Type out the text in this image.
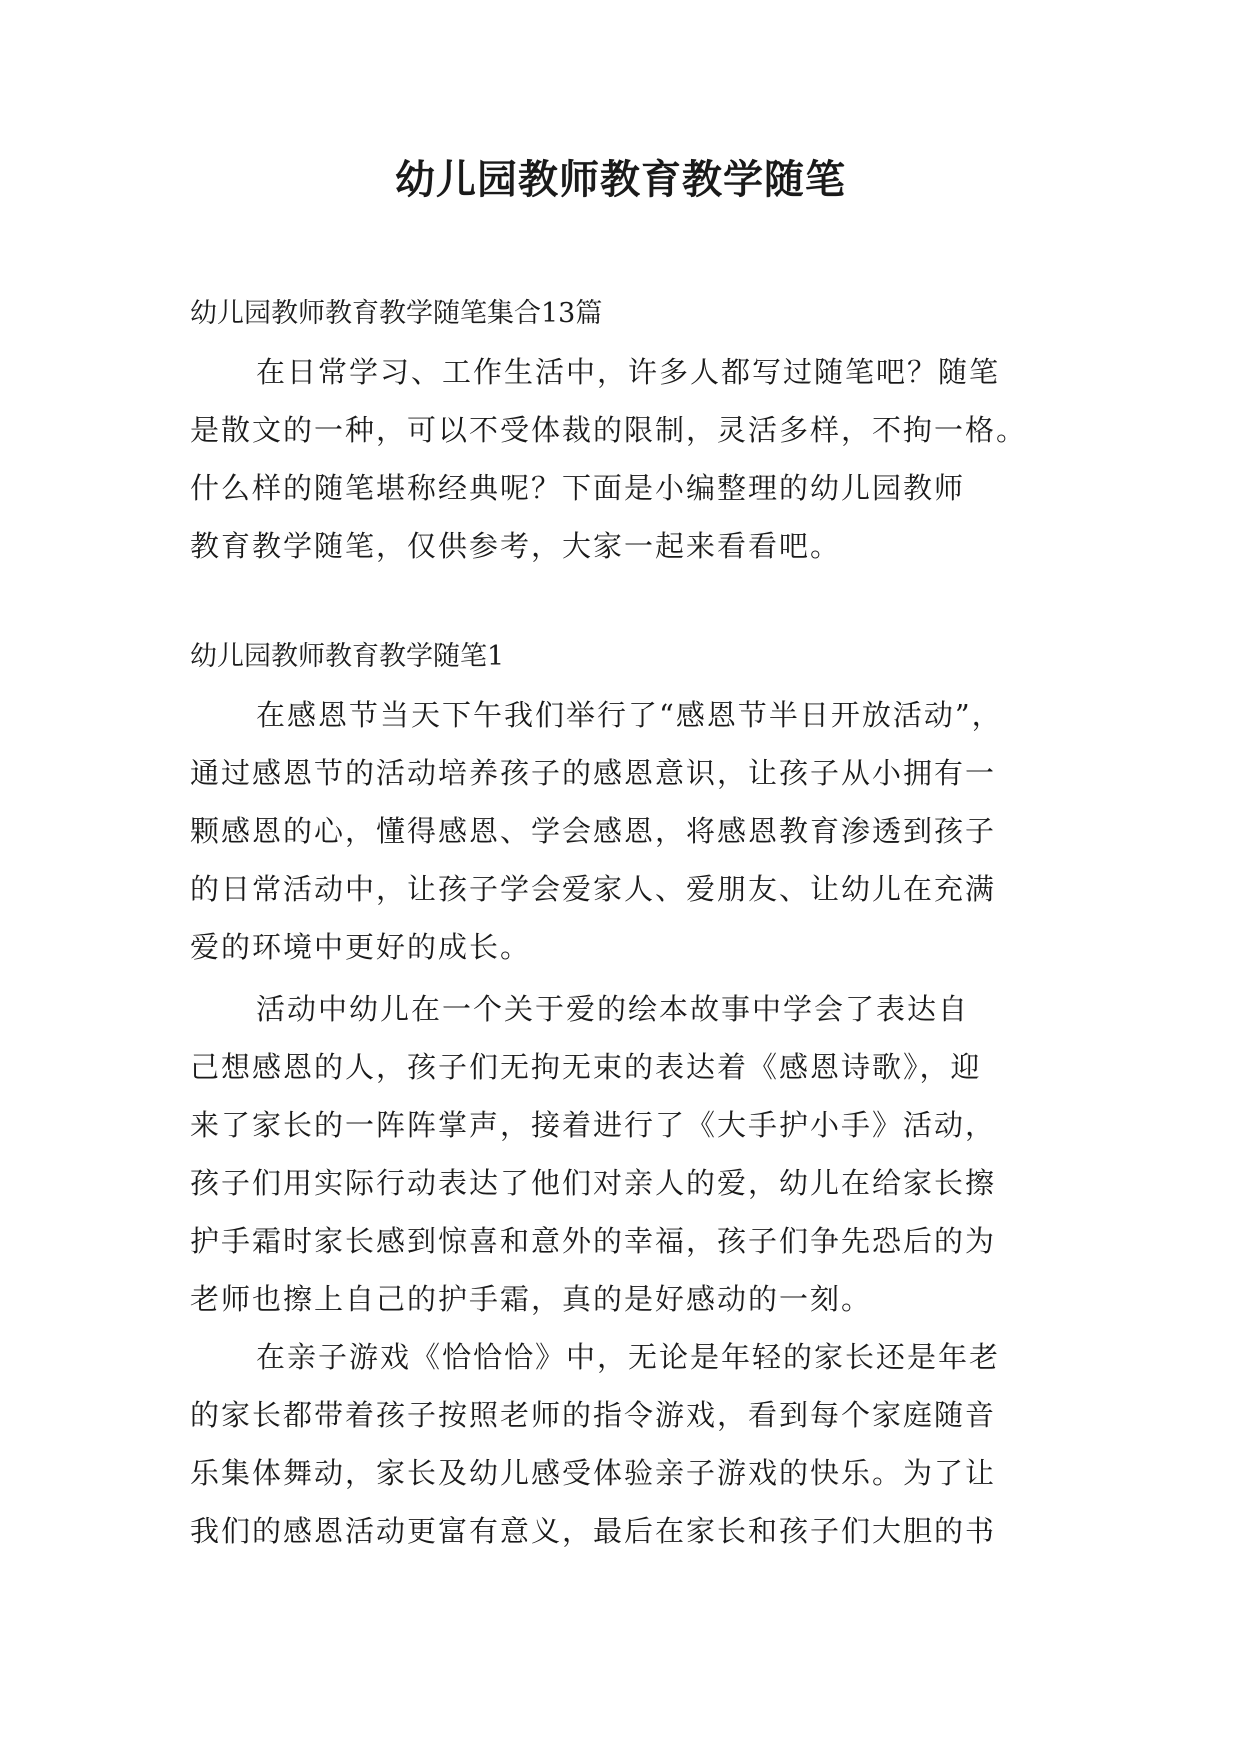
幼儿园教师教育教学随笔

幼儿园教师教育教学随笔集合13篇

在日常学习、工作生活中，许多人都写过随笔吧？随笔
是散文的一种，可以不受体裁的限制，灵活多样，不拘一格。
什么样的随笔堪称经典呢？下面是小编整理的幼儿园教师
教育教学随笔，仅供参考，大家一起来看看吧。

幼儿园教师教育教学随笔1

在感恩节当天下午我们举行了“感恩节半日开放活动”，
通过感恩节的活动培养孩子的感恩意识，让孩子从小拥有一
颗感恩的心，懂得感恩、学会感恩，将感恩教育渗透到孩子
的日常活动中，让孩子学会爱家人、爱朋友、让幼儿在充满
爱的环境中更好的成长。
活动中幼儿在一个关于爱的绘本故事中学会了表达自
己想感恩的人，孩子们无拘无束的表达着《感恩诗歌》，迎
来了家长的一阵阵掌声，接着进行了《大手护小手》活动，
孩子们用实际行动表达了他们对亲人的爱，幼儿在给家长擦
护手霜时家长感到惊喜和意外的幸福，孩子们争先恐后的为
老师也擦上自己的护手霜，真的是好感动的一刻。
在亲子游戏《恰恰恰》中，无论是年轻的家长还是年老
的家长都带着孩子按照老师的指令游戏，看到每个家庭随音
乐集体舞动，家长及幼儿感受体验亲子游戏的快乐。为了让
我们的感恩活动更富有意义，最后在家长和孩子们大胆的书
